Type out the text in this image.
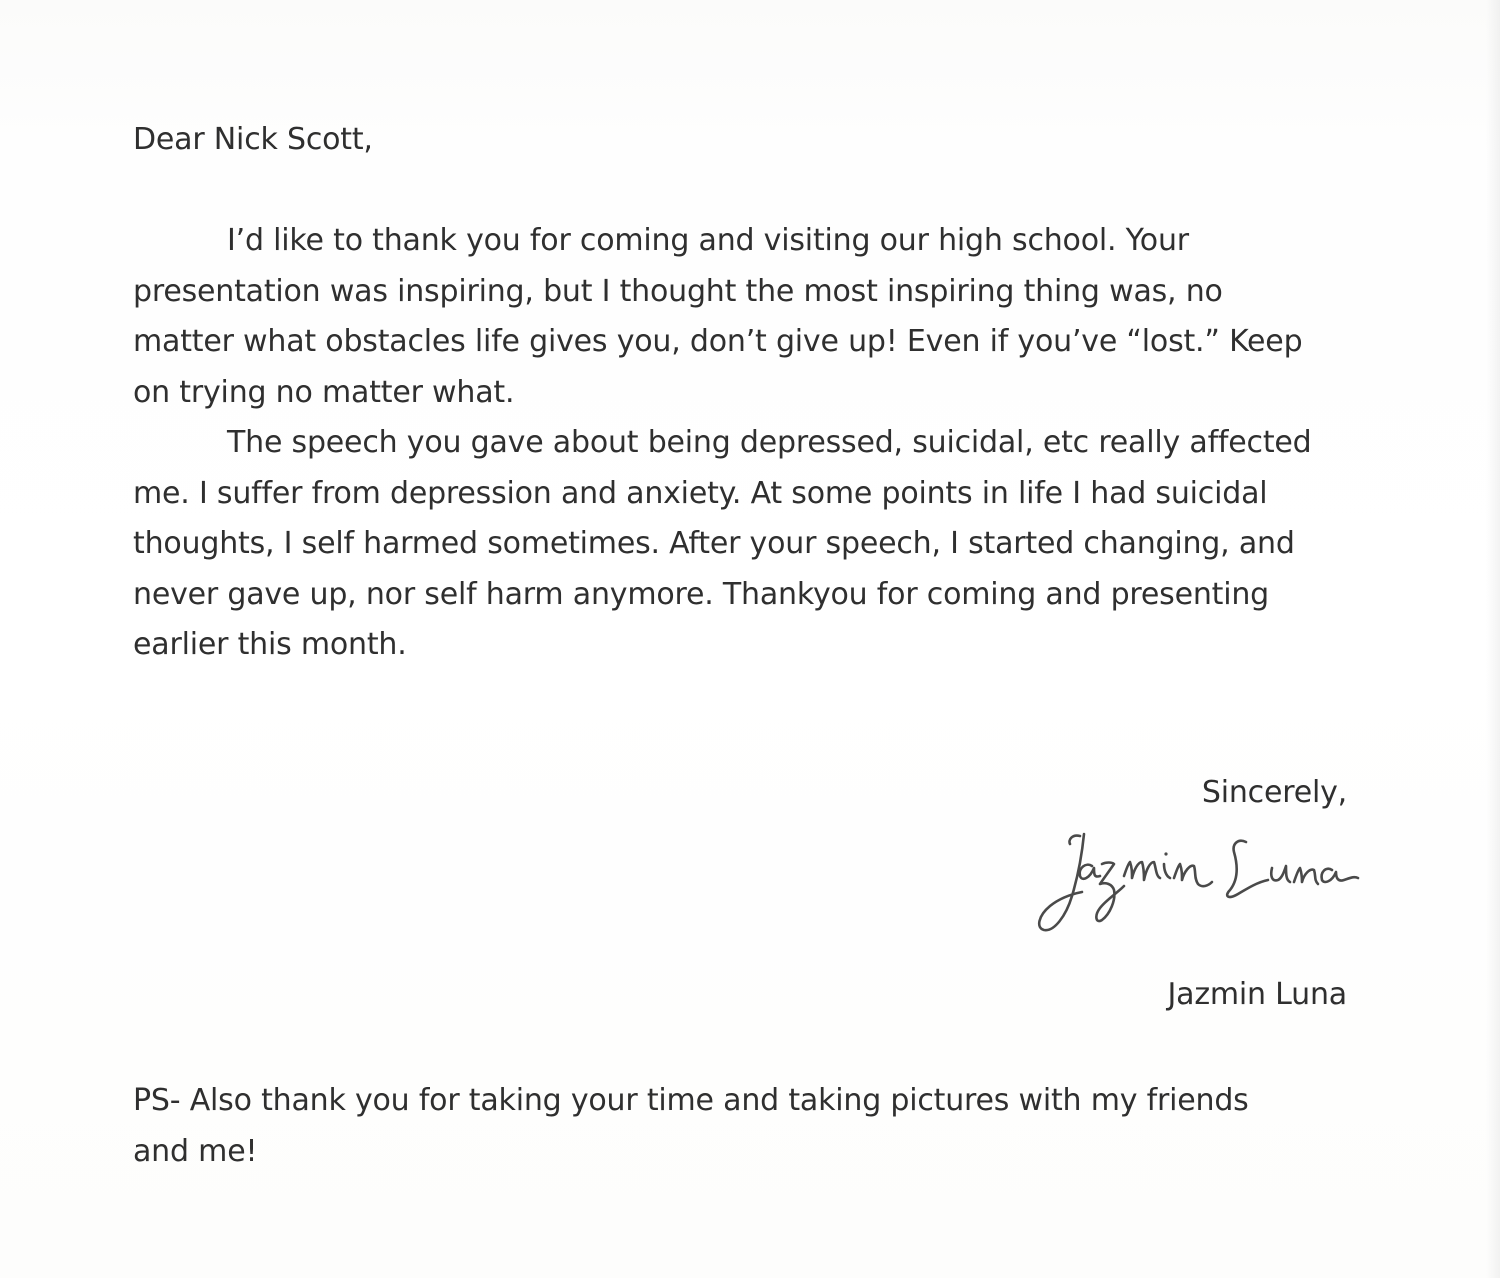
Dear Nick Scott,

I’d like to thank you for coming and visiting our high school. Your
presentation was inspiring, but I thought the most inspiring thing was, no
matter what obstacles life gives you, don’t give up! Even if you’ve “lost.” Keep
on trying no matter what.

The speech you gave about being depressed, suicidal, etc really affected
me. I suffer from depression and anxiety. At some points in life I had suicidal
thoughts, I self harmed sometimes. After your speech, I started changing, and
never gave up, nor self harm anymore. Thankyou for coming and presenting
earlier this month.

Sincerely,

Jazmin Luna

PS- Also thank you for taking your time and taking pictures with my friends
and me!
